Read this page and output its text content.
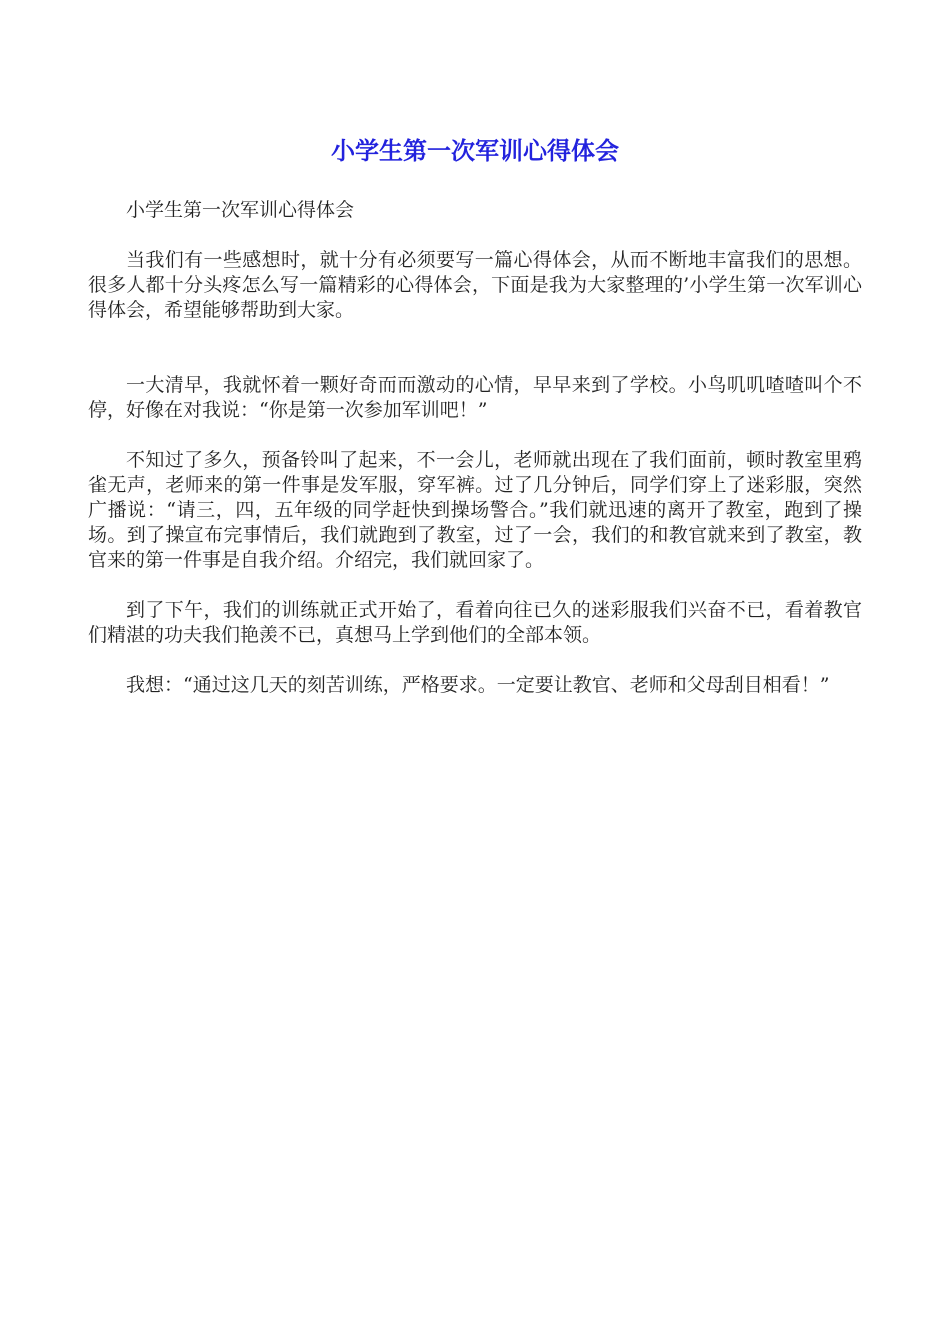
小学生第一次军训心得体会

小学生第一次军训心得体会

当我们有一些感想时，就十分有必须要写一篇心得体会，从而不断地丰富我们的思想。很多人都十分头疼怎么写一篇精彩的心得体会，下面是我为大家整理的’小学生第一次军训心得体会，希望能够帮助到大家。

一大清早，我就怀着一颗好奇而而激动的心情，早早来到了学校。小鸟叽叽喳喳叫个不停，好像在对我说：“你是第一次参加军训吧！”

不知过了多久，预备铃叫了起来，不一会儿，老师就出现在了我们面前，顿时教室里鸦雀无声，老师来的第一件事是发军服，穿军裤。过了几分钟后，同学们穿上了迷彩服，突然广播说：“请三，四，五年级的同学赶快到操场警合。”我们就迅速的离开了教室，跑到了操场。到了操宣布完事情后，我们就跑到了教室，过了一会，我们的和教官就来到了教室，教官来的第一件事是自我介绍。介绍完，我们就回家了。

到了下午，我们的训练就正式开始了，看着向往已久的迷彩服我们兴奋不已，看着教官们精湛的功夫我们艳羡不已，真想马上学到他们的全部本领。

我想：“通过这几天的刻苦训练，严格要求。一定要让教官、老师和父母刮目相看！”
